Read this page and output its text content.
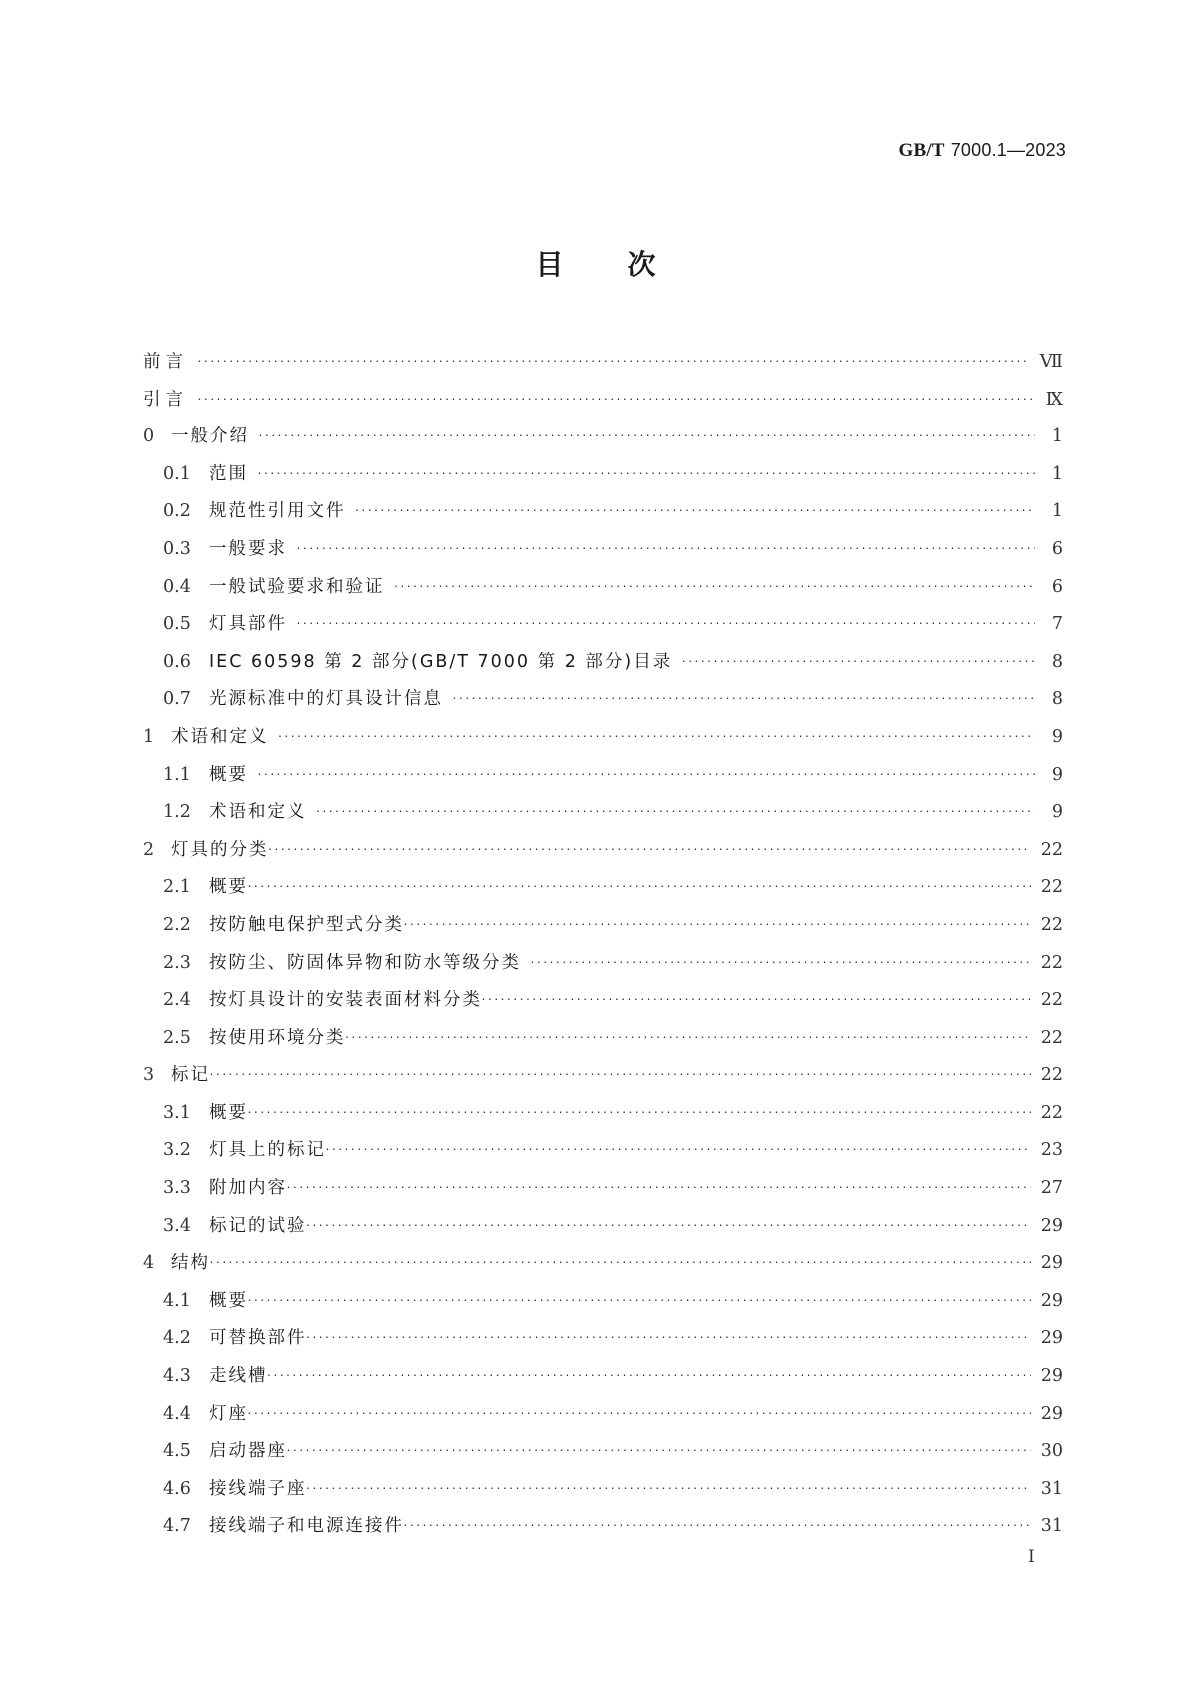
GB/T 7000.1—2023
目 次
前言 •••••	Ⅶ
引言 •••••	Ⅸ
0 一般介绍 •••••	1
0.1	范围 •••••	1
0.2	规范性引用文件 •••••	1
0.3	一般要求 •••••	6
0.4	一般试验要求和验证 •••••	6
0.5	灯具部件 •••••	7
0.6	IEC 60598 第 2 部分(GB/T 7000 第 2 部分)目录 •••••	8
0.7	光源标准中的灯具设计信息 •••••	8
1 术语和定义 •••••	9
1.1	概要 •••••	9
1.2	术语和定义 •••••	9
2 灯具的分类 •••••	22
2.1	概要 •••••	22
2.2	按防触电保护型式分类 •••••	22
2.3	按防尘、防固体异物和防水等级分类 •••••	22
2.4	按灯具设计的安装表面材料分类 •••••	22
2.5	按使用环境分类 •••••	22
3 标记 •••••	22
3.1	概要 •••••	22
3.2	灯具上的标记 •••••	23
3.3	附加内容 •••••	27
3.4	标记的试验 •••••	29
4 结构 •••••	29
4.1	概要 •••••	29
4.2	可替换部件 •••••	29
4.3	走线槽 •••••	29
4.4	灯座 •••••	29
4.5	启动器座 •••••	30
4.6	接线端子座 •••••	31
4.7	接线端子和电源连接件 •••••	31
Ⅰ
